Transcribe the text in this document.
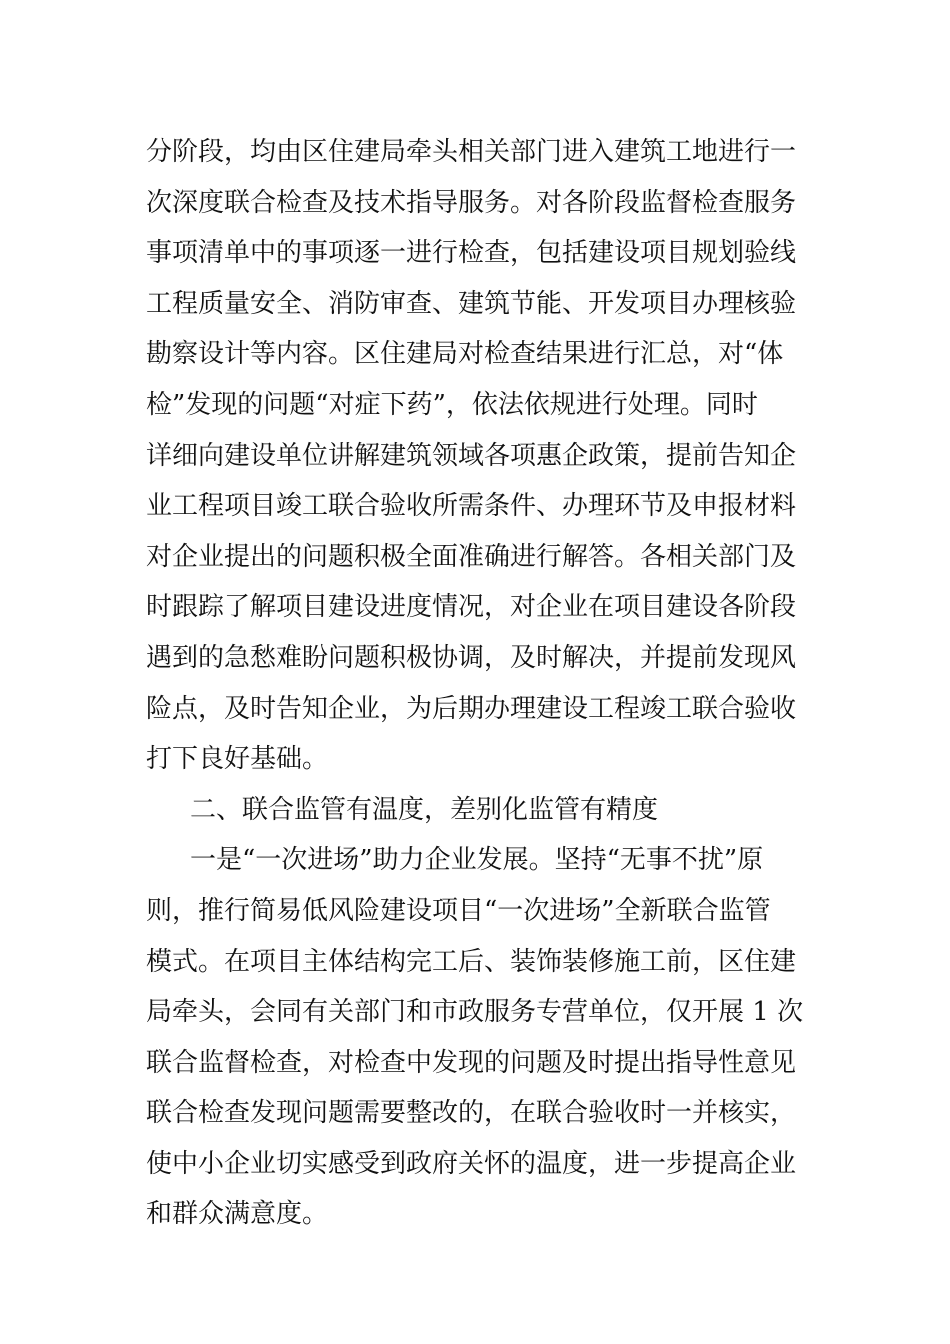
分阶段，均由区住建局牵头相关部门进入建筑工地进行一
次深度联合检查及技术指导服务。对各阶段监督检查服务
事项清单中的事项逐一进行检查，包括建设项目规划验线
工程质量安全、消防审查、建筑节能、开发项目办理核验
勘察设计等内容。区住建局对检查结果进行汇总，对“体
检”发现的问题“对症下药”，依法依规进行处理。同时
详细向建设单位讲解建筑领域各项惠企政策，提前告知企
业工程项目竣工联合验收所需条件、办理环节及申报材料
对企业提出的问题积极全面准确进行解答。各相关部门及
时跟踪了解项目建设进度情况，对企业在项目建设各阶段
遇到的急愁难盼问题积极协调，及时解决，并提前发现风
险点，及时告知企业，为后期办理建设工程竣工联合验收
打下良好基础。
二、联合监管有温度，差别化监管有精度
一是“一次进场”助力企业发展。坚持“无事不扰”原
则，推行简易低风险建设项目“一次进场”全新联合监管
模式。在项目主体结构完工后、装饰装修施工前，区住建
局牵头，会同有关部门和市政服务专营单位，仅开展 1 次
联合监督检查，对检查中发现的问题及时提出指导性意见
联合检查发现问题需要整改的，在联合验收时一并核实，
使中小企业切实感受到政府关怀的温度，进一步提高企业
和群众满意度。
